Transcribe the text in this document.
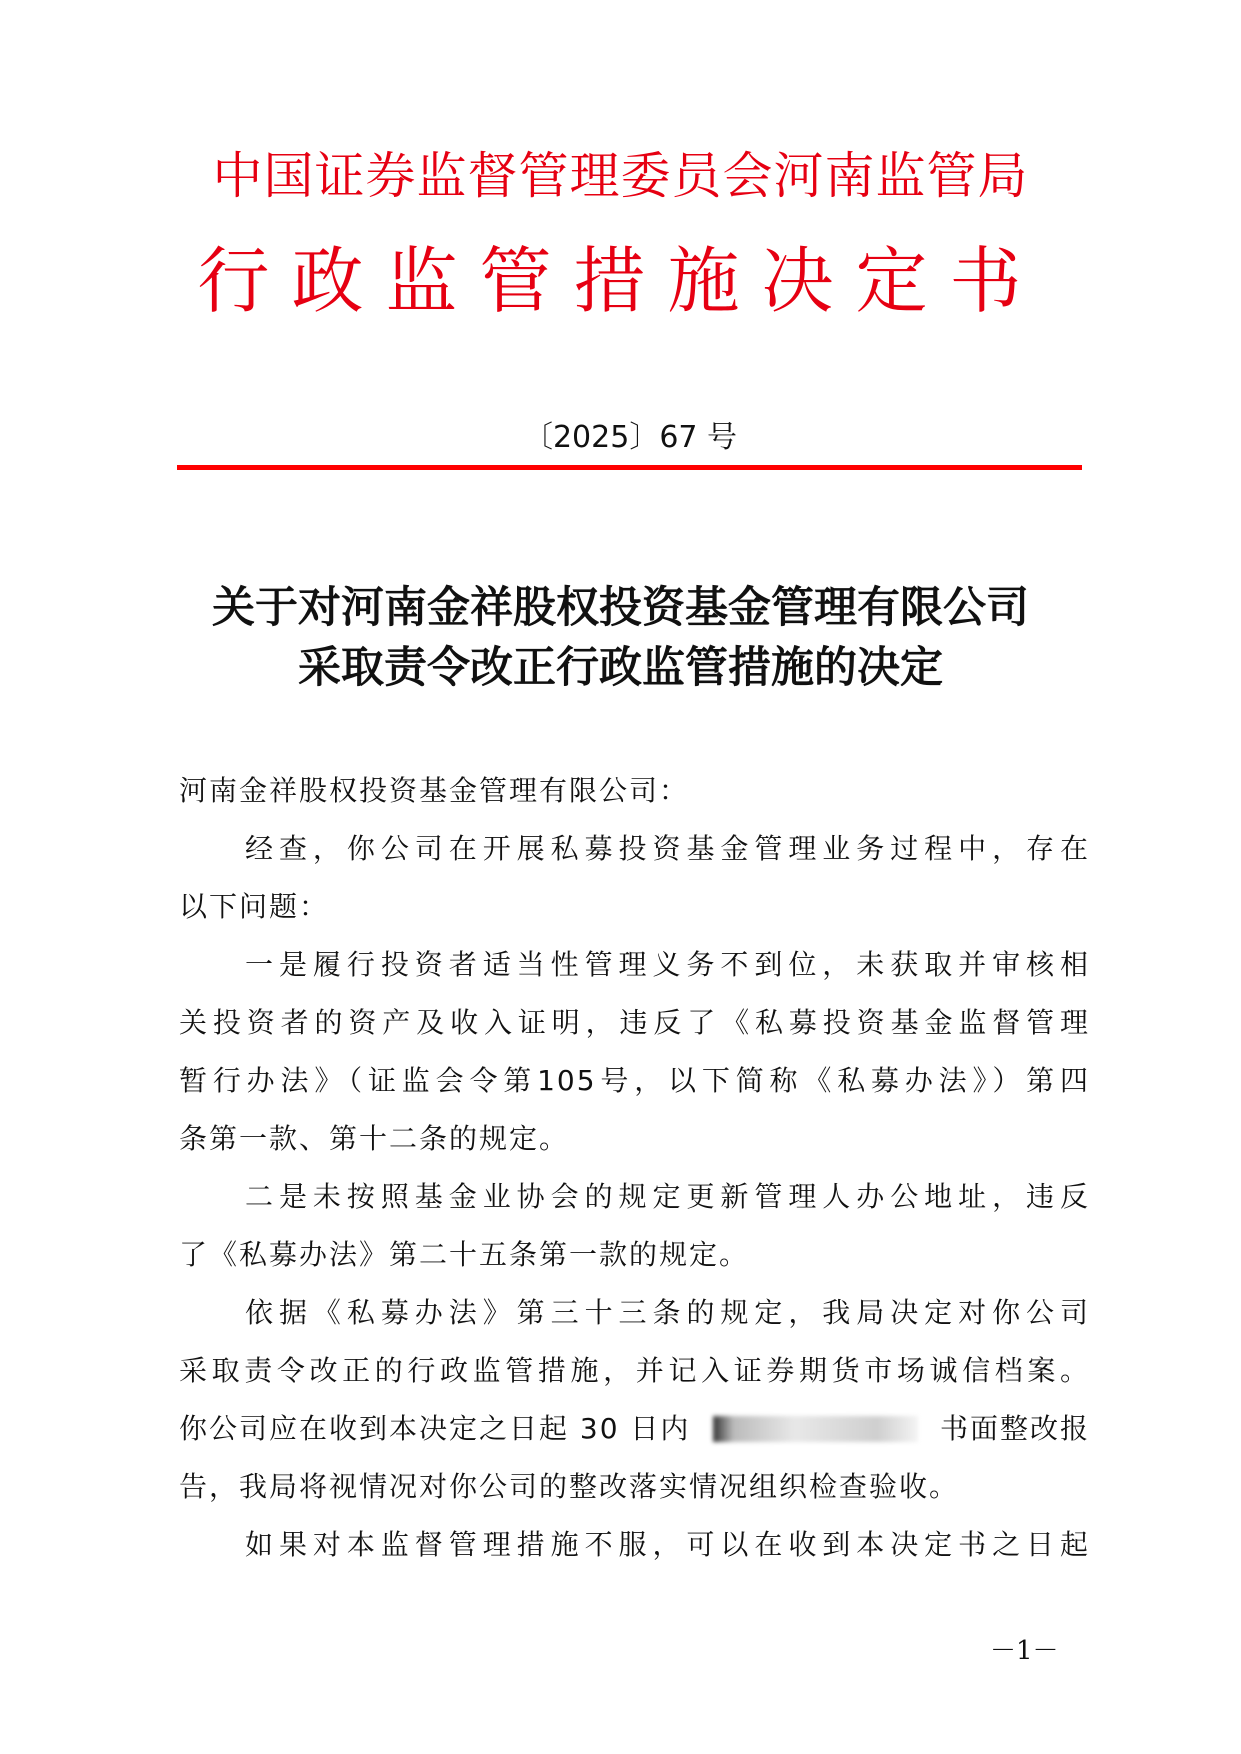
中国证券监督管理委员会河南监管局
行政监管措施决定书
〔2025〕67 号
关于对河南金祥股权投资基金管理有限公司
采取责令改正行政监管措施的决定
河南金祥股权投资基金管理有限公司：
经查，你公司在开展私募投资基金管理业务过程中，存在
以下问题：
一是履行投资者适当性管理义务不到位，未获取并审核相
关投资者的资产及收入证明，违反了《私募投资基金监督管理
暂行办法》（证监会令第105号，以下简称《私募办法》）第四
条第一款、第十二条的规定。
二是未按照基金业协会的规定更新管理人办公地址，违反
了《私募办法》第二十五条第一款的规定。
依据《私募办法》第三十三条的规定，我局决定对你公司
采取责令改正的行政监管措施，并记入证券期货市场诚信档案。
你公司应在收到本决定之日起 30 日内	书面整改报
告，我局将视情况对你公司的整改落实情况组织检查验收。
如果对本监督管理措施不服，可以在收到本决定书之日起
－1－
